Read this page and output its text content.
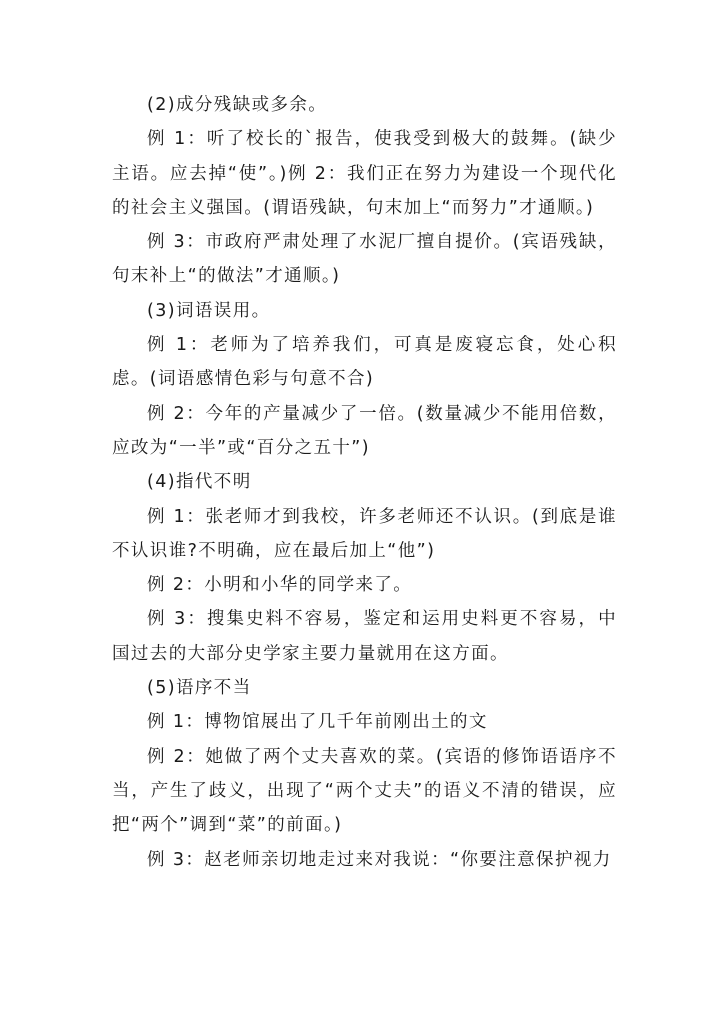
(2)成分残缺或多余。

例 1：听了校长的`报告，使我受到极大的鼓舞。(缺少主语。应去掉“使”。)例 2：我们正在努力为建设一个现代化的社会主义强国。(谓语残缺，句末加上“而努力”才通顺。)

例 3：市政府严肃处理了水泥厂擅自提价。(宾语残缺，句末补上“的做法”才通顺。)

(3)词语误用。

例 1：老师为了培养我们，可真是废寝忘食，处心积虑。(词语感情色彩与句意不合)

例 2：今年的产量减少了一倍。(数量减少不能用倍数，应改为“一半”或“百分之五十”)

(4)指代不明

例 1：张老师才到我校，许多老师还不认识。(到底是谁不认识谁?不明确，应在最后加上“他”)

例 2：小明和小华的同学来了。

例 3：搜集史料不容易，鉴定和运用史料更不容易，中国过去的大部分史学家主要力量就用在这方面。

(5)语序不当

例 1：博物馆展出了几千年前刚出土的文

例 2：她做了两个丈夫喜欢的菜。(宾语的修饰语语序不当，产生了歧义，出现了“两个丈夫”的语义不清的错误，应把“两个”调到“菜”的前面。)

例 3：赵老师亲切地走过来对我说：“你要注意保护视力
